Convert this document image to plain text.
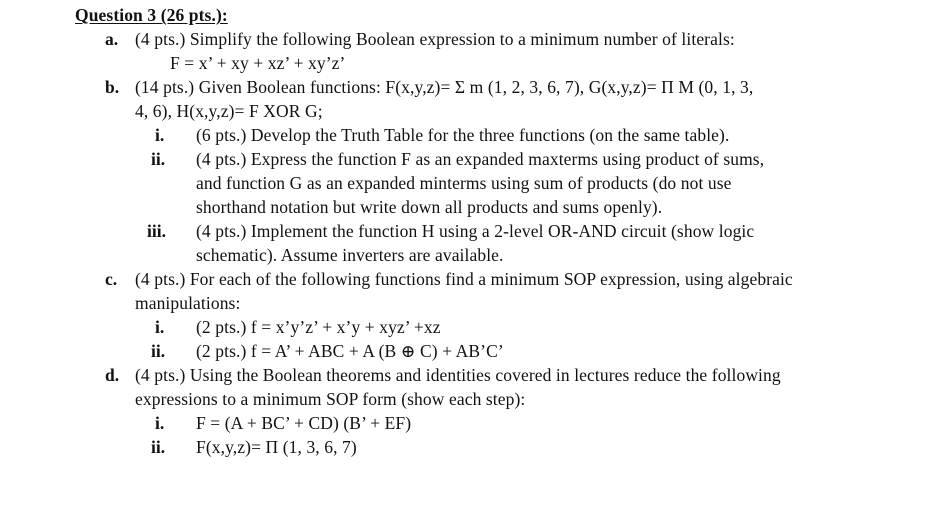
Question 3 (26 pts.):
a. (4 pts.) Simplify the following Boolean expression to a minimum number of literals:
F = x’ + xy + xz’ + xy’z’
b. (14 pts.) Given Boolean functions: F(x,y,z)= Σ m (1, 2, 3, 6, 7), G(x,y,z)= Π M (0, 1, 3,
4, 6), H(x,y,z)= F XOR G;
i. (6 pts.) Develop the Truth Table for the three functions (on the same table).
ii. (4 pts.) Express the function F as an expanded maxterms using product of sums,
and function G as an expanded minterms using sum of products (do not use
shorthand notation but write down all products and sums openly).
iii. (4 pts.) Implement the function H using a 2-level OR-AND circuit (show logic
schematic). Assume inverters are available.
c. (4 pts.) For each of the following functions find a minimum SOP expression, using algebraic
manipulations:
i. (2 pts.) f = x’y’z’ + x’y + xyz’ +xz
ii. (2 pts.) f = A’ + ABC + A (B ⊕ C) + AB’C’
d. (4 pts.) Using the Boolean theorems and identities covered in lectures reduce the following
expressions to a minimum SOP form (show each step):
i. F = (A + BC’ + CD) (B’ + EF)
ii. F(x,y,z)= Π (1, 3, 6, 7)
